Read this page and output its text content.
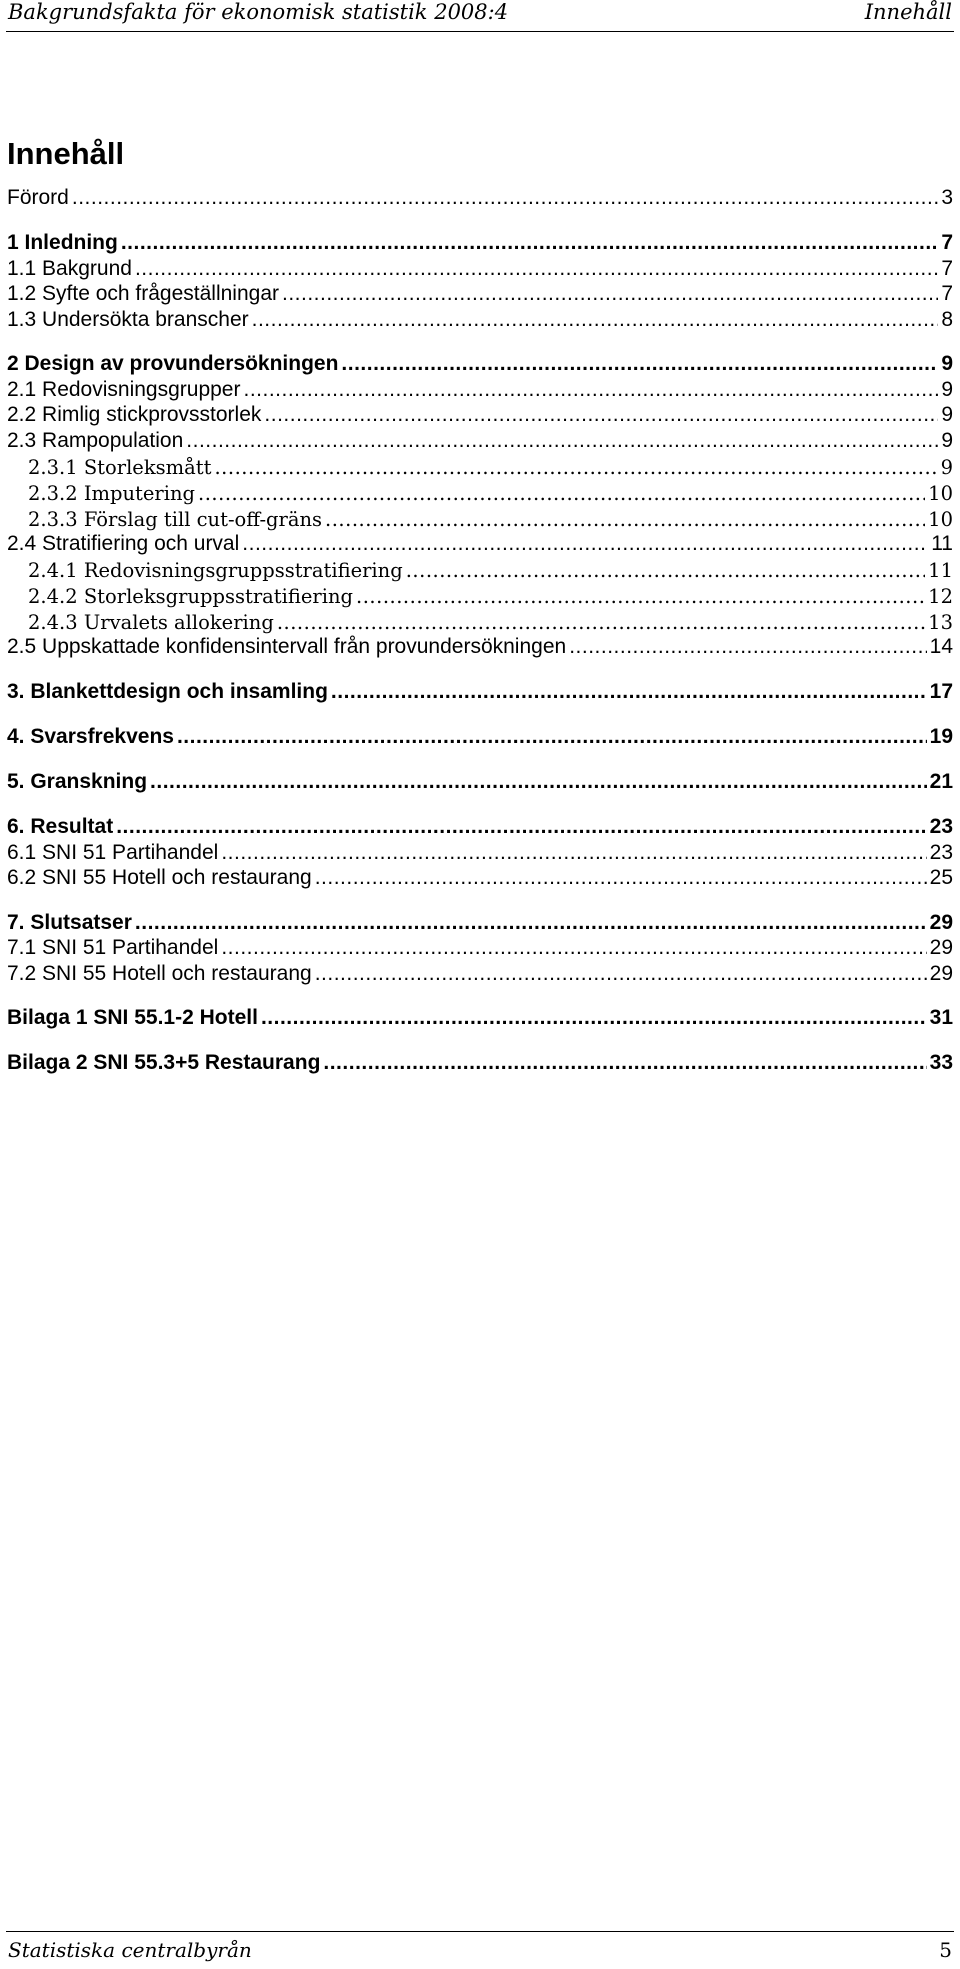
Bakgrundsfakta för ekonomisk statistik 2008:4	Innehåll
Innehåll
Förord .....	3
1 Inledning .....	7
1.1 Bakgrund .....	7
1.2 Syfte och frågeställningar .....	7
1.3 Undersökta branscher .....	8
2 Design av provundersökningen .....	9
2.1 Redovisningsgrupper .....	9
2.2 Rimlig stickprovsstorlek .....	9
2.3 Rampopulation .....	9
2.3.1 Storleksmått .....	9
2.3.2 Imputering .....	10
2.3.3 Förslag till cut-off-gräns .....	10
2.4 Stratifiering och urval .....	11
2.4.1 Redovisningsgruppsstratifiering .....	11
2.4.2 Storleksgruppsstratifiering .....	12
2.4.3 Urvalets allokering .....	13
2.5 Uppskattade konfidensintervall från provundersökningen .....	14
3. Blankettdesign och insamling .....	17
4. Svarsfrekvens .....	19
5. Granskning .....	21
6. Resultat .....	23
6.1 SNI 51 Partihandel .....	23
6.2 SNI 55 Hotell och restaurang .....	25
7. Slutsatser .....	29
7.1 SNI 51 Partihandel .....	29
7.2 SNI 55 Hotell och restaurang .....	29
Bilaga 1 SNI 55.1-2 Hotell .....	31
Bilaga 2 SNI 55.3+5 Restaurang .....	33
Statistiska centralbyrån	5
